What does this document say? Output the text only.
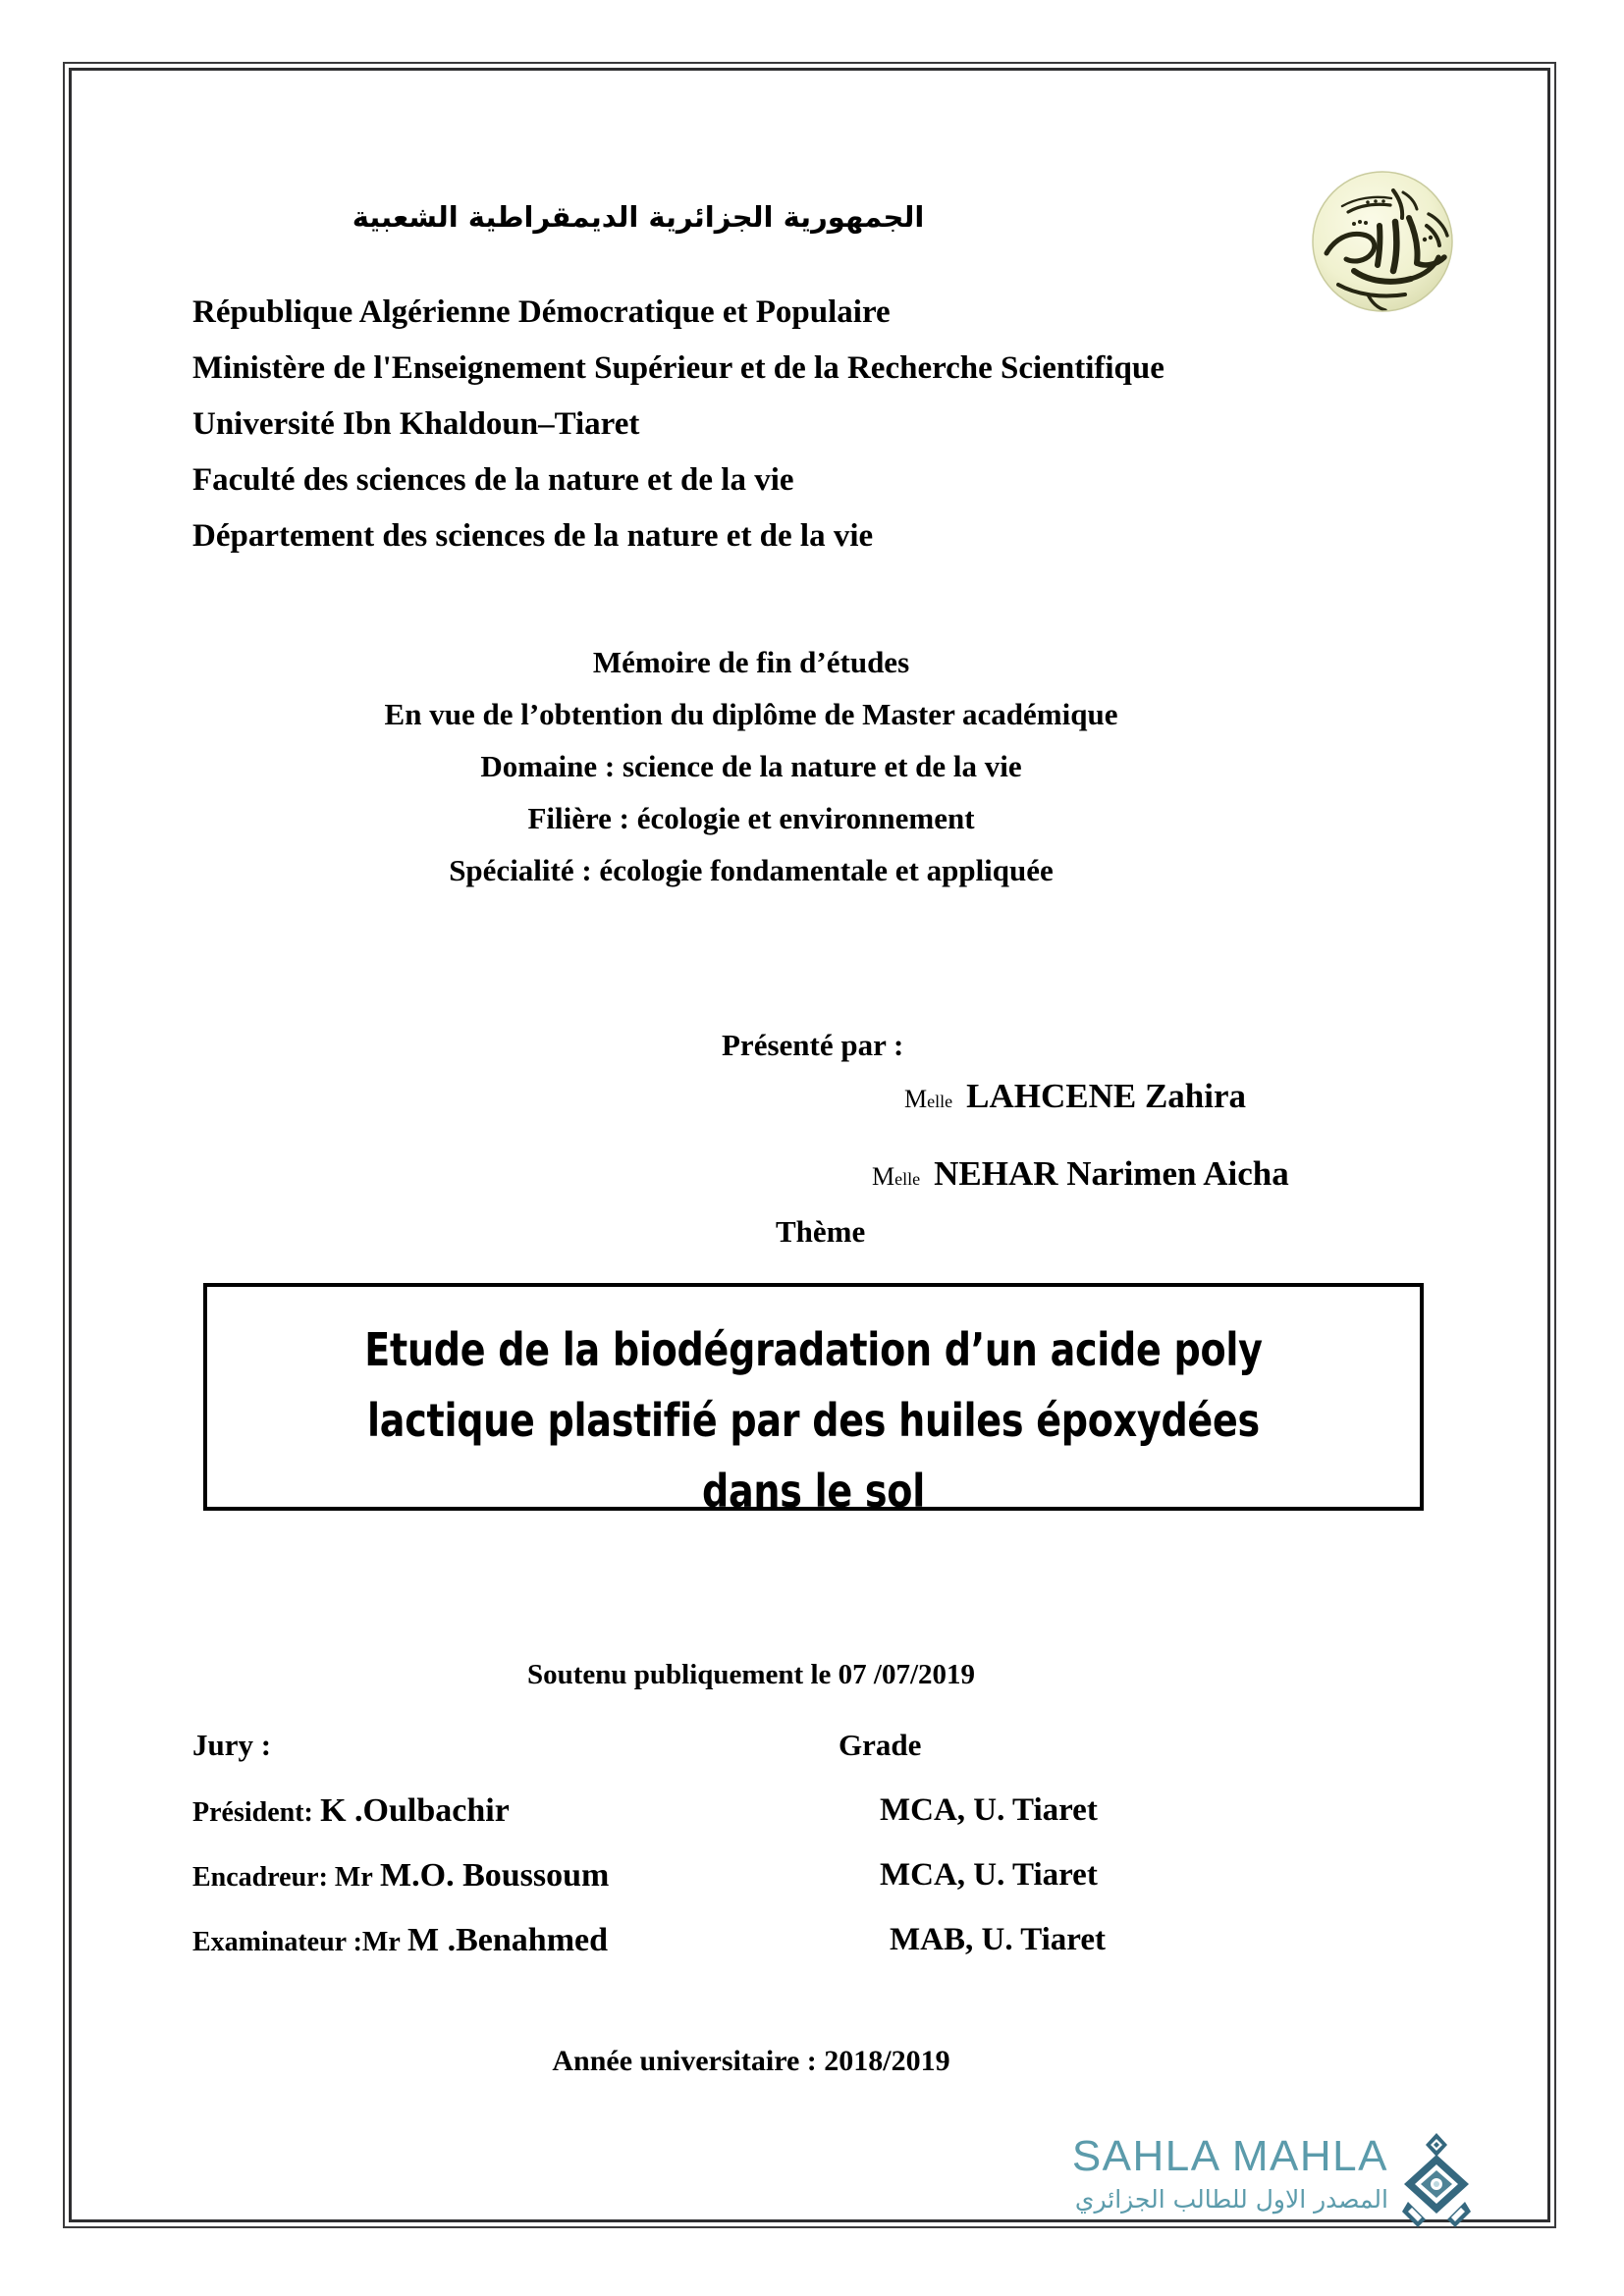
الجمهورية الجزائرية الديمقراطية الشعبية
République Algérienne Démocratique et Populaire
Ministère de l'Enseignement Supérieur et de la Recherche Scientifique
Université Ibn Khaldoun–Tiaret
Faculté des sciences de la nature et de la vie
Département des sciences de la nature et de la vie
Mémoire de fin d’études
En vue de l’obtention du diplôme de Master académique
Domaine : science de la nature et de la vie
Filière : écologie et environnement
Spécialité : écologie fondamentale et appliquée
Présenté par :
Melle LAHCENE Zahira
Melle NEHAR Narimen Aicha
Thème
Etude de la biodégradation d’un acide poly
lactique plastifié par des huiles époxydées
dans le sol
Soutenu publiquement le 07 /07/2019
Jury :	Grade
Président: K .Oulbachir	MCA, U. Tiaret
Encadreur: Mr M.O. Boussoum	MCA, U. Tiaret
Examinateur :Mr M .Benahmed	MAB, U. Tiaret
Année universitaire : 2018/2019
SAHLA MAHLA
المصدر الاول للطالب الجزائري
